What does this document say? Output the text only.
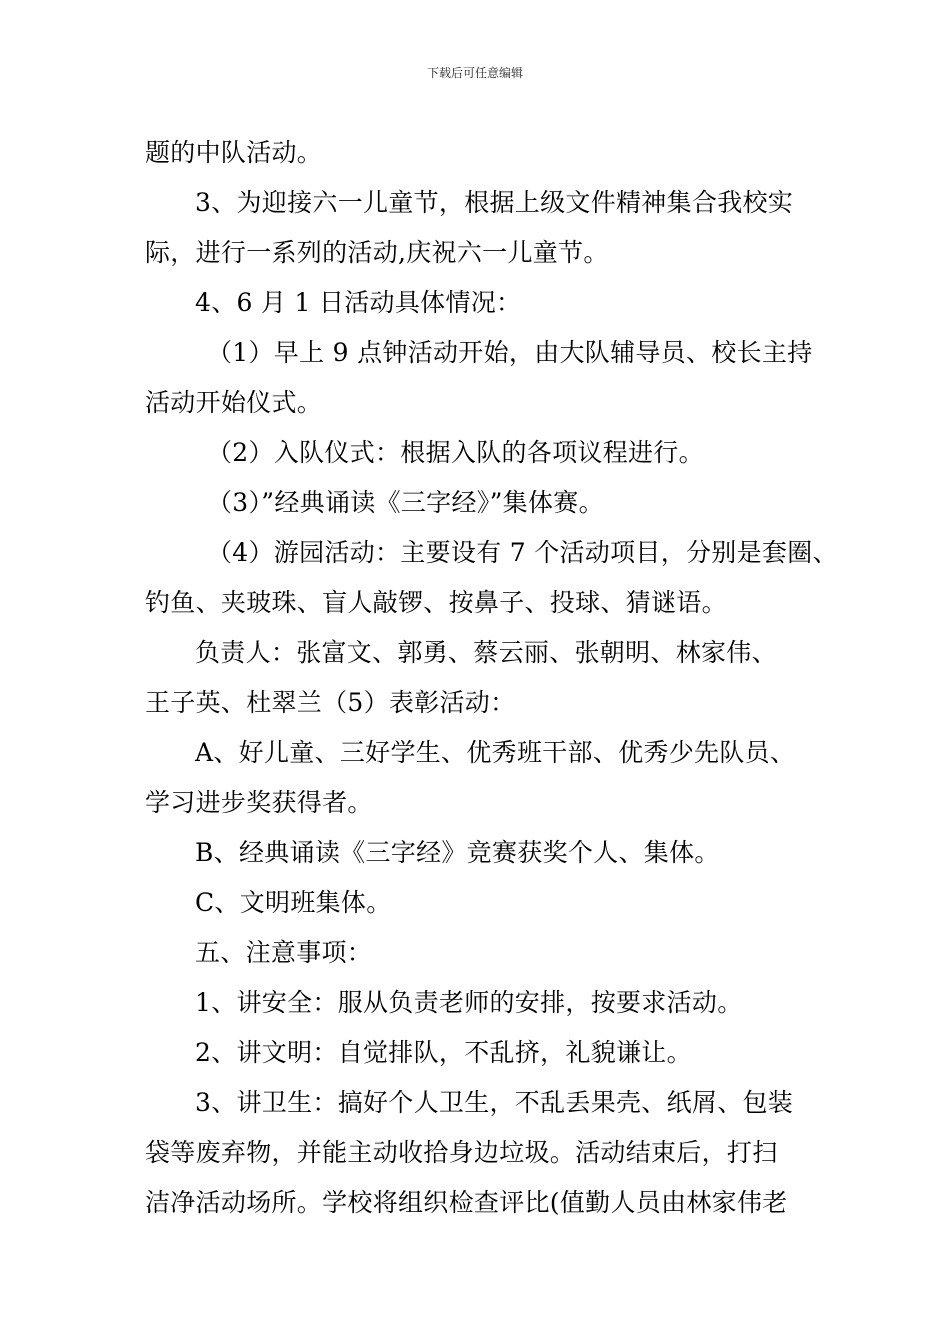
下载后可任意编辑
题的中队活动。
3、为迎接六一儿童节，根据上级文件精神集合我校实
际，进行一系列的活动,庆祝六一儿童节。
4、6 月 1 日活动具体情况：
（1）早上 9 点钟活动开始，由大队辅导员、校长主持
活动开始仪式。
（2）入队仪式：根据入队的各项议程进行。
（3）”经典诵读《三字经》”集体赛。
（4）游园活动：主要设有 7 个活动项目，分别是套圈、
钓鱼、夹玻珠、盲人敲锣、按鼻子、投球、猜谜语。
负责人：张富文、郭勇、蔡云丽、张朝明、林家伟、
王子英、杜翠兰（5）表彰活动：
A、好儿童、三好学生、优秀班干部、优秀少先队员、
学习进步奖获得者。
B、经典诵读《三字经》竞赛获奖个人、集体。
C、文明班集体。
五、注意事项：
1、讲安全：服从负责老师的安排，按要求活动。
2、讲文明：自觉排队，不乱挤，礼貌谦让。
3、讲卫生：搞好个人卫生，不乱丢果壳、纸屑、包装
袋等废弃物，并能主动收拾身边垃圾。活动结束后，打扫
洁净活动场所。学校将组织检查评比(值勤人员由林家伟老
